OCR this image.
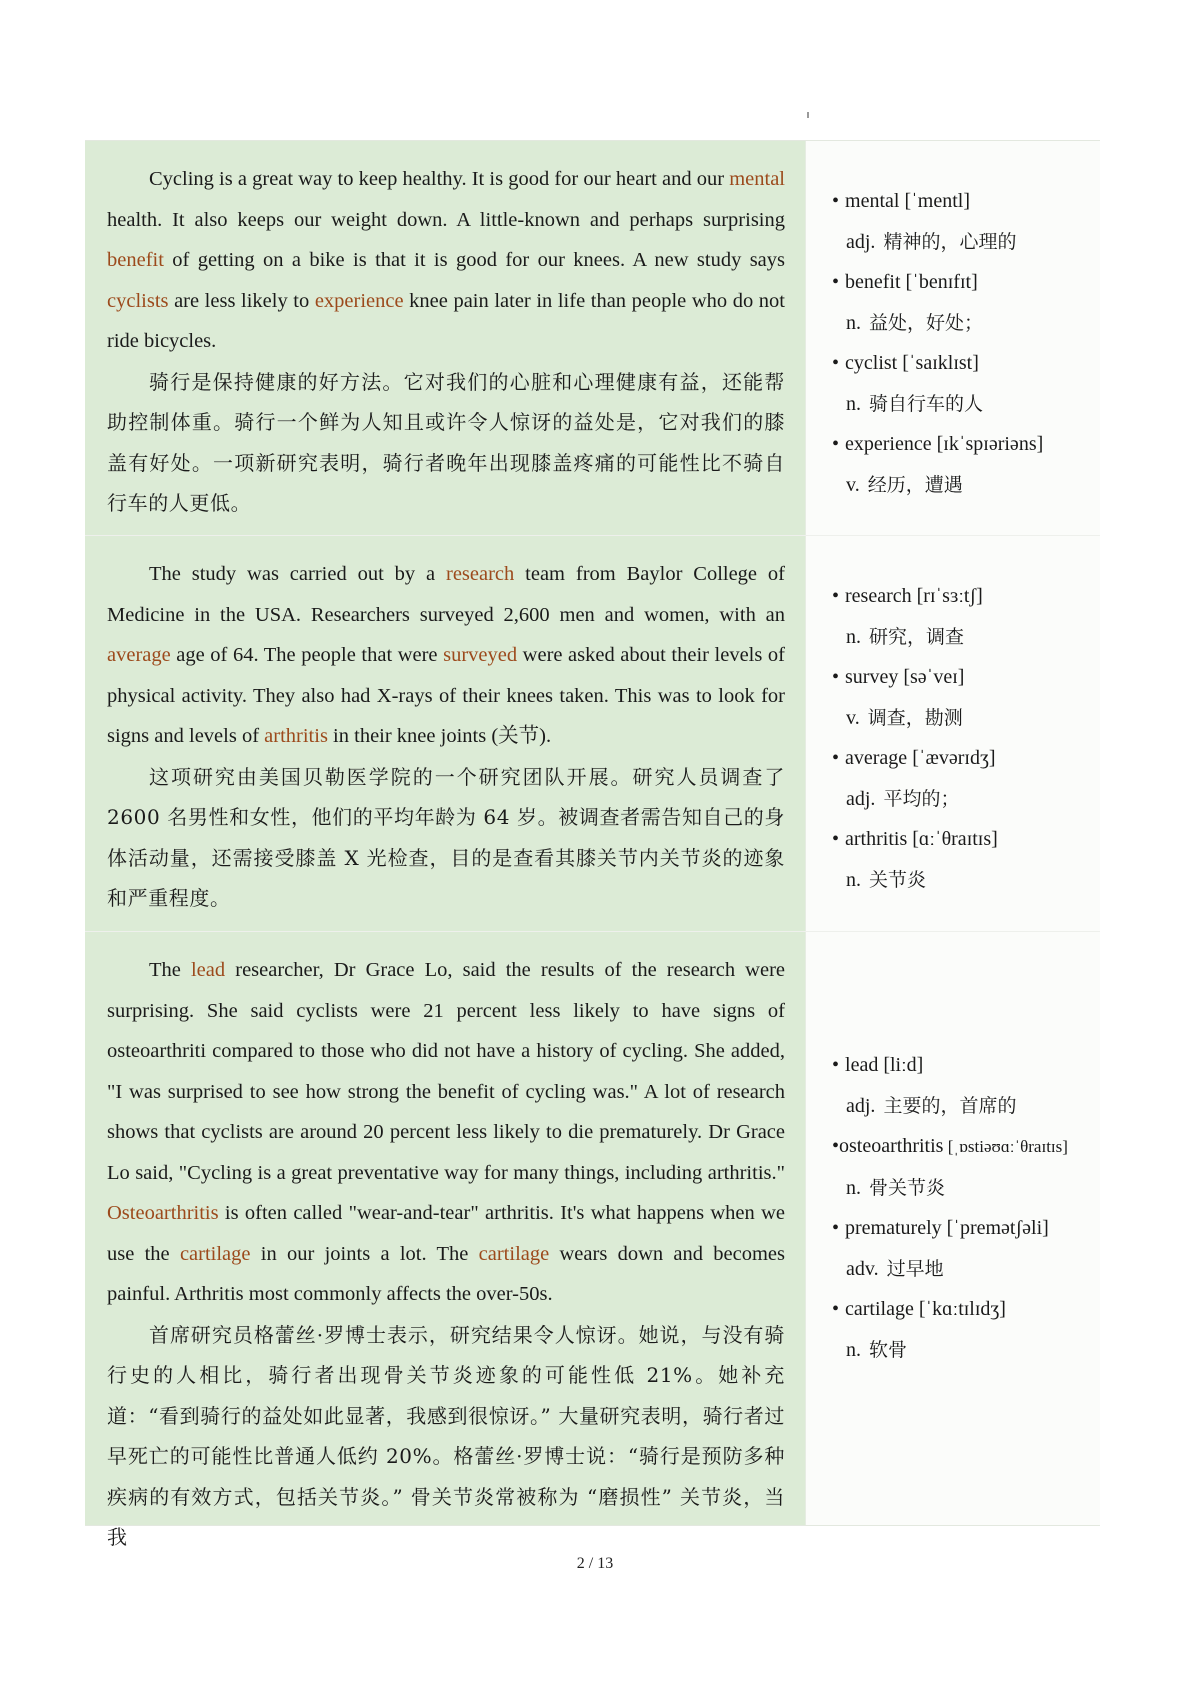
Cycling is a great way to keep healthy. It is good for our heart and our mental health. It also keeps our weight down. A little-known and perhaps surprising benefit of getting on a bike is that it is good for our knees. A new study says cyclists are less likely to experience knee pain later in life than people who do not ride bicycles.

骑行是保持健康的好方法。它对我们的心脏和心理健康有益，还能帮助控制体重。骑行一个鲜为人知且或许令人惊讶的益处是，它对我们的膝盖有好处。一项新研究表明，骑行者晚年出现膝盖疼痛的可能性比不骑自行车的人更低。

• mental [ˈmentl]
adj. 精神的，心理的
• benefit [ˈbenɪfɪt]
n. 益处，好处；
• cyclist [ˈsaɪklɪst]
n. 骑自行车的人
• experience [ɪkˈspɪəriəns]
v. 经历，遭遇

The study was carried out by a research team from Baylor College of Medicine in the USA. Researchers surveyed 2,600 men and women, with an average age of 64. The people that were surveyed were asked about their levels of physical activity. They also had X-rays of their knees taken. This was to look for signs and levels of arthritis in their knee joints (关节).

这项研究由美国贝勒医学院的一个研究团队开展。研究人员调查了 2600 名男性和女性，他们的平均年龄为 64 岁。被调查者需告知自己的身体活动量，还需接受膝盖 X 光检查，目的是查看其膝关节内关节炎的迹象和严重程度。

• research [rɪˈsɜːtʃ]
n. 研究，调查
• survey [səˈveɪ]
v. 调查，勘测
• average [ˈævərɪdʒ]
adj. 平均的；
• arthritis [ɑːˈθraɪtɪs]
n. 关节炎

The lead researcher, Dr Grace Lo, said the results of the research were surprising. She said cyclists were 21 percent less likely to have signs of osteoarthriti compared to those who did not have a history of cycling. She added, "I was surprised to see how strong the benefit of cycling was." A lot of research shows that cyclists are around 20 percent less likely to die prematurely. Dr Grace Lo said, "Cycling is a great preventative way for many things, including arthritis." Osteoarthritis is often called "wear-and-tear" arthritis. It's what happens when we use the cartilage in our joints a lot. The cartilage wears down and becomes painful. Arthritis most commonly affects the over-50s.

首席研究员格蕾丝·罗博士表示，研究结果令人惊讶。她说，与没有骑行史的人相比，骑行者出现骨关节炎迹象的可能性低 21%。她补充道：“看到骑行的益处如此显著，我感到很惊讶。” 大量研究表明，骑行者过早死亡的可能性比普通人低约 20%。格蕾丝·罗博士说：“骑行是预防多种疾病的有效方式，包括关节炎。” 骨关节炎常被称为 “磨损性” 关节炎，当我

• lead [liːd]
adj. 主要的，首席的
•osteoarthritis [ˌɒstiəʊɑːˈθraɪtɪs]
n. 骨关节炎
• prematurely [ˈpremətʃəli]
adv. 过早地
• cartilage [ˈkɑːtɪlɪdʒ]
n. 软骨
2 / 13
